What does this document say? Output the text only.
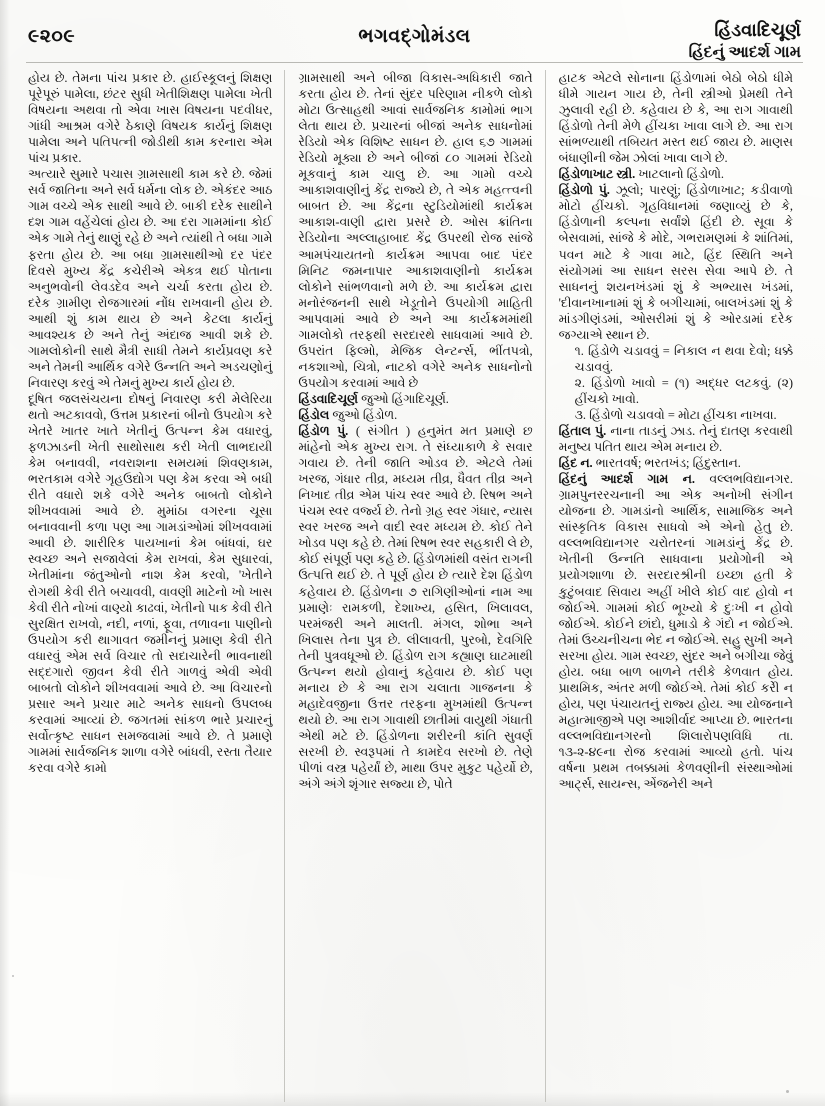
૯૨૦૯	ભગવદ્ગોમંડલ	હિંડવાદિચૂર્ણ
હિંદનું આદર્શ ગામ

હોય છે. તેમના પાંચ પ્રકાર છે. હાઈસ્કૂલનું શિક્ષણ પૂરેપૂરું પામેલા, છંટર સુધી ખેતીશિક્ષણ પામેલા ખેતી વિષયના અથવા તો એવા ખાસ વિષયના પદવીધર, ગાંધી આશ્રમ વગેરે ઠેકાણે વિષયક કાર્યનું શિક્ષણ પામેલા અને પતિપત્ની જોડીથી કામ કરનારા એમ પાંચ પ્રકાર.

અત્યારે સુમારે પચાસ ગ્રામસાથી કામ કરે છે. જેમાં સર્વ જાતિના અને સર્વ ધર્મના લોક છે. એકંદર આઠ ગામ વચ્ચે એક સાથી આવે છે. બાકી દરેક સાથીને દશ ગામ વહેંચેલાં હોય છે. આ દરા ગામમાંના કોઈ એક ગામે તેનું થાણું રહે છે અને ત્યાંથી તે બધા ગામે ફરતા હોય છે. આ બધા ગ્રામસાથીઓ દર પંદર દિવસે મુખ્ય કેંદ્ર કચેરીએ એકત્ર થઈ પોતાના અનુભવોની લેવડદેવ અને ચર્ચા કરતા હોય છે. દરેક ગ્રામીણ રોજગારમાં નોંધ રાખવાની હોય છે. આથી શું કામ થાય છે અને કેટલા કાર્યનું આવશ્યક છે અને તેનું અંદાજ આવી શકે છે. ગામલોકોની સાથે મૈત્રી સાધી તેમને કાર્યપ્રવણ કરે અને તેમની આર્થિક વગેરે ઉન્નતિ અને અડચણોનું નિવારણ કરવું એ તેમનું મુખ્ય કાર્ય હોય છે.

દૂષિત જલસંચયના દોષનું નિવારણ કરી મેલેરિયા થતો અટકાવવો, ઉત્તમ પ્રકારનાં બીનો ઉપયોગ કરે ખેતરે ખાતર ખાતે ખેતીનું ઉત્પન્ન કેમ વધારવું, ફળઝાડની ખેતી સાથોસાથ કરી ખેતી લાભદાયી કેમ બનાવવી, નવરાશના સમયમાં શિવણકામ, ભરતકામ વગેરે ગૃહઉદ્યોગ પણ કેમ કરવા એ બધી રીતે વધારો શકે વગેરે અનેક બાબતો લોકોને શીખવવામાં આવે છે. મુમાંઠા વગરના ચૂસા બનાવવાની કળા પણ આ ગામડાંઓમાં શીખવવામાં આવી છે. શારીરિક પાયખાનાં કેમ બાંધવાં, ઘર સ્વચ્છ અને સજાવેલાં કેમ રાખવાં, કેમ સુધારવાં, ખેતીમાંના જંતુઓનો નાશ કેમ કરવો, 'ખેતીને રોગથી કેવી રીતે બચાવવી, વાવણી માટેનો ખો ખાસ કેવી રીતે નોખાં વાણ્યો કાઢવાં, ખેતીનો પાક કેવી રીતે સુરક્ષિત રાખવો, નદી, નળાં, ફૂવા, તળાવના પાણીનો ઉપયોગ કરી થાગાવત જમીનનું પ્રમાણ કેવી રીતે વધારવું એમ સર્વ વિચાર તો સદાચારેની ભાવનાથી સદ્દગારો જીવન કેવી રીતે ગાળવું એવી એવી બાબતો લોકોને શીખવવામાં આવે છે. આ વિચારનો પ્રસાર અને પ્રચાર માટે અનેક સાધનો ઉપલબ્ધ કરવામાં આવ્યાં છે. જગતમાં સાંકળ ભારે પ્રચારનું સર્વોત્કૃષ્ટ સાધન સમજવામાં આવે છે. તે પ્રમાણે ગામમાં સાર્વજનિક શાળા વગેરે બાંધવી, રસ્તા તૈયાર કરવા વગેરે કામો

ગ્રામસાથી અને બીજા વિકાસ-અધિકારી જાતે કરતા હોય છે. તેનાં સુંદર પરિણામ નીકળે લોકો મોટા ઉત્સાહથી આવાં સાર્વજનિક કામોમાં ભાગ લેતા થાય છે. પ્રચારનાં બીજાં અનેક સાધનોમાં રેડિયો એક વિશિષ્ટ સાધન છે. હાલ ૬૭ ગામમાં રેડિયો મૂક્યા છે અને બીજાં ૮૦ ગામમાં રેડિયો મૂકવાનું કામ ચાલુ છે. આ ગામો વચ્ચે આકાશવાણીનું કેંદ્ર રાજ્યે છે, તે એક મહત્ત્વની બાબત છે. આ કેંદ્રના સ્ટુડિયોમાંથી કાર્યક્રમ આકાશ-વાણી દ્વારા પ્રસરે છે. ઓસ ક્રાંતિના રેડિયોના અલ્લાહાબાદ કેંદ્ર ઉપરથી રોજ સાંજે આમપંચાયતનો કાર્યક્રમ આપવા બાદ પંદર મિનિટ જમનાપાર આકાશવાણીનો કાર્યક્રમ લોકોને સાંભળવાનો મળે છે. આ કાર્યક્રમ દ્વારા મનોરંજનની સાથે ખેડૂતોને ઉપયોગી માહિતી આપવામાં આવે છે અને આ કાર્યક્રમમાંથી ગામલોકો તરફથી સરદારથે સાધવામાં આવે છે. ઉપરાંત ફિલ્મો, મેજિક લેન્ટર્ન્સ, ભીંતપત્રો, નકશાઓ, ચિત્રો, નાટકો વગેરે અનેક સાધનોનો ઉપયોગ કરવામાં આવે છે

હિંડવાદિચૂર્ણ જુઓ હિંગાદિચૂર્ણ.

હિંડોલ જુઓ હિંડોળ.

હિંડોળ પું. ( સંગીત ) હનુમંત મત પ્રમાણે છ માંહેનો એક મુખ્ય રાગ. તે સંધ્યાકાળે કે સવાર ગવાય છે. તેની જાતિ ઓડવ છે. એટલે તેમાં ખરજ, ગંધાર તીવ્ર, મધ્યમ તીવ્ર, ધૈવત તીવ્ર અને નિખાદ તીવ્ર એમ પાંચ સ્વર આવે છે. રિષભ અને પંચમ સ્વર વર્જ્ય છે. તેનો ગ્રહ સ્વર ગંધાર, ન્યાસ સ્વર ખરજ અને વાદી સ્વર મધ્યમ છે. કોઈ તેને ખોડવ પણ કહે છે. તેમાં રિષભ સ્વર સહકારી લે છે, કોઈ સંપૂર્ણ પણ કહે છે. હિંડોળમાંથી વસંત રાગની ઉત્પત્તિ થઈ છે. તે પૂર્ણ હોય છે ત્યારે દેશ હિંડોળ કહેવાય છે. હિંડોળના ૭ રાગિણીઓનાં નામ આ પ્રમાણેઃ રામકળી, દેશાખ્ય, હસિત, ખિલાવલ, પરમંજરી અને માલતી. મંગલ, શોભા અને ખિલાસ તેના પુત્ર છે. લીલાવતી, પુરબો, દેવગિરિ તેની પુત્રવધૂઓ છે. હિંડોળ રાગ કહ્યાણ ઘાટમાથી ઉત્પન્ન થયો હોવાનું કહેવાય છે. કોઈ પણ મનાય છે કે આ રાગ ચલાતા ગાજનના કે મહાદેવજીના ઉત્તર તરફના મુખમાંથી ઉત્પન્ન થયો છે. આ રાગ ગાવાથી છાતીમાં વાયુથી ગંધાતી એથી મટે છે. હિંડોળના શરીરની કાંતિ સુવર્ણ સરખી છે. સ્વરૂપમાં તે કામદેવ સરખો છે. તેણે પીળાં વસ્ત્ર પહેર્યાં છે, માથા ઉપર મુકુટ પહેર્યો છે, અંગે અંગે શૃંગાર સજ્યા છે, પોતે

હાટક એટલે સોનાના હિંડોળામાં બેઠો બેઠો ધીમે ધીમે ગાયન ગાય છે, તેની સ્ત્રીઓ પ્રેમથી તેને ઝુલાવી રહી છે. કહેવાય છે કે, આ રાગ ગાવાથી હિંડોળો તેની મેળે હીંચકા ખાવા લાગે છે. આ રાગ સાંભળ્યાથી તબિયત મસ્ત થઈ જાય છે. માણસ બંધાણીની જેમ ઝોલાં ખાવા લાગે છે.

હિંડોળાખાટ સ્ત્રી. ખાટલાનો હિંડોળો.

હિંડોળો પું. ઝૂલો; પારણું; હિંડોળાખાટ; કડીવાળો મોટો હીંચકો. ગૃહવિધાનમાં જણાવ્યું છે કે, હિંડોળાની કલ્પના સર્વાંશે હિંદી છે. સૂવા કે બેસવામાં, સાંજે કે મોદે, ગભરામણમાં કે શાંતિમાં, પવન માટે કે ગાવા માટે, હિંદ સ્થિતિ અને સંયોગમાં આ સાધન સરસ સેવા આપે છે. તે સાધનનું શયનખંડમાં શું કે અભ્યાસ ખંડમાં, 'દીવાનખાનામાં શું કે બગીચામાં, બાલખંડમાં શું કે માંડગીણંડમાં, ઓસરીમાં શું કે ઓરડામાં દરેક જગ્યાએ સ્થાન છે.

૧. હિંડોળે ચડાવવું = નિકાલ ન થવા દેવો; ધક્કે ચડાવવું.

૨. હિંડોળો ખાવો = (૧) અદ્ધર લટકવું. (૨) હીંચકો ખાવો.

૩. હિંડોળો ચડાવવો = મોટા હીંચકા નાખવા.

હિંતાલ પું. નાના તાડનું ઝાડ. તેનું દાતણ કરવાથી મનુષ્ય પતિત થાય એમ મનાય છે.

હિંદ ન. ભારતવર્ષ; ભરતખંડ; હિંદુસ્તાન.

હિંદનું આદર્શ ગામ ન. વલ્લભવિદ્યાનગર. ગ્રામપુનરરચનાની આ એક અનોખી સંગીન યોજના છે. ગામડાંનો આર્થિક, સામાજિક અને સાંસ્કૃતિક વિકાસ સાધવો એ એનો હેતુ છે. વલ્લભવિદ્યાનગર ચરોતરનાં ગામડાંનું કેંદ્ર છે. ખેતીની ઉન્નતિ સાધવાના પ્રયોગોની એ પ્રયોગશાળા છે. સરદારશ્રીની ઇચ્છા હતી કે કુટુંબવાદ સિવાય અહીં ખીલે કોઈ વાદ હોવો ન જોઈએ. ગામમાં કોઈ ભૂખ્યો કે દુઃખી ન હોવો જોઈએ. કોઈને છાંદો, ધુમાડો કે ગંદો ન જોઈએ. તેમાં ઉચ્ચનીચના ભેદ ન જોઈએ. સહુ સુખી અને સરખા હોય. ગામ સ્વચ્છ, સુંદર અને બગીચા જેવું હોય. બધા બાળ બાળને તરીકે કેળવાત હોય. પ્રાથમિક, અંતર મળી જોઈએ. તેમાં કોઈ કરેી ન હોય, પણ પંચાયતનું રાજ્ય હોય. આ યોજનાને મહાત્માજીએ પણ આશીર્વાદ આપ્યા છે. ભારતના વલ્લભવિદ્યાનગરનો શિલારોપણવિધિ તા. ૧૩-૨-૪૯ના રોજ કરવામાં આવ્યો હતો. પાંચ વર્ષના પ્રથમ તબક્કામાં કેળવણીની સંસ્થાઓમાં આર્ટ્સ, સાયન્સ, એંજનેરી અને
